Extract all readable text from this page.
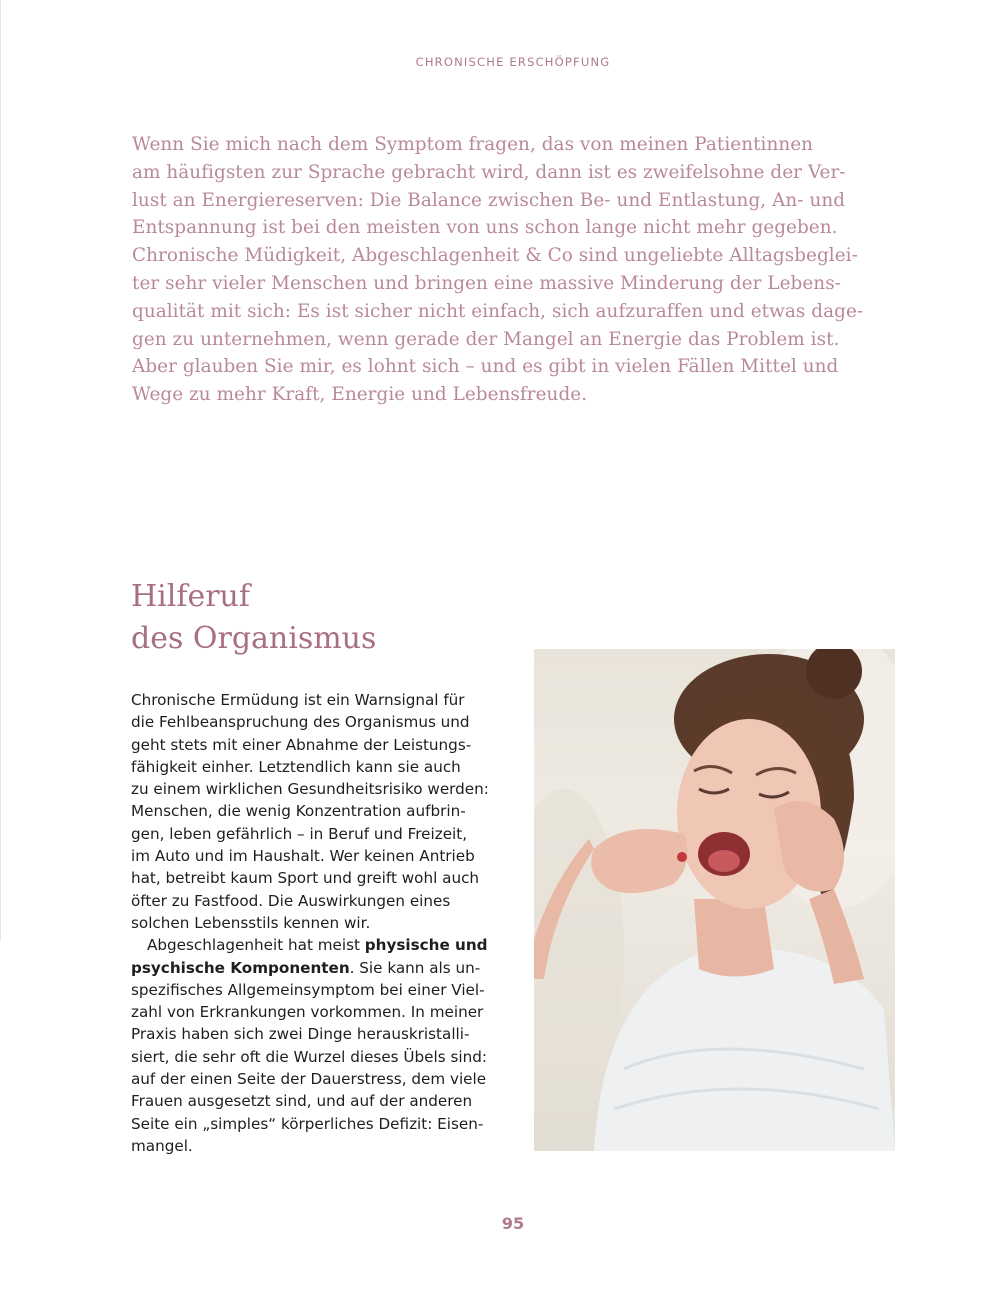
CHRONISCHE ERSCHÖPFUNG

Wenn Sie mich nach dem Symptom fragen, das von meinen Patientinnen
am häufigsten zur Sprache gebracht wird, dann ist es zweifelsohne der Ver-
lust an Energiereserven: Die Balance zwischen Be- und Entlastung, An- und
Entspannung ist bei den meisten von uns schon lange nicht mehr gegeben.
Chronische Müdigkeit, Abgeschlagenheit & Co sind ungeliebte Alltagsbeglei-
ter sehr vieler Menschen und bringen eine massive Minderung der Lebens-
qualität mit sich: Es ist sicher nicht einfach, sich aufzuraffen und etwas dage-
gen zu unternehmen, wenn gerade der Mangel an Energie das Problem ist.
Aber glauben Sie mir, es lohnt sich – und es gibt in vielen Fällen Mittel und
Wege zu mehr Kraft, Energie und Lebensfreude.

Hilferuf
des Organismus
Chronische Ermüdung ist ein Warnsignal für
die Fehlbeanspruchung des Organismus und
geht stets mit einer Abnahme der Leistungs-
fähigkeit einher. Letztendlich kann sie auch
zu einem wirklichen Gesundheitsrisiko werden:
Menschen, die wenig Konzentration aufbrin-
gen, leben gefährlich – in Beruf und Freizeit,
im Auto und im Haushalt. Wer keinen Antrieb
hat, betreibt kaum Sport und greift wohl auch
öfter zu Fastfood. Die Auswirkungen eines
solchen Lebensstils kennen wir.
Abgeschlagenheit hat meist physische und
psychische Komponenten. Sie kann als un-
spezifisches Allgemeinsymptom bei einer Viel-
zahl von Erkrankungen vorkommen. In meiner
Praxis haben sich zwei Dinge herauskristalli-
siert, die sehr oft die Wurzel dieses Übels sind:
auf der einen Seite der Dauerstress, dem viele
Frauen ausgesetzt sind, und auf der anderen
Seite ein „simples“ körperliches Defizit: Eisen-
mangel.
95
